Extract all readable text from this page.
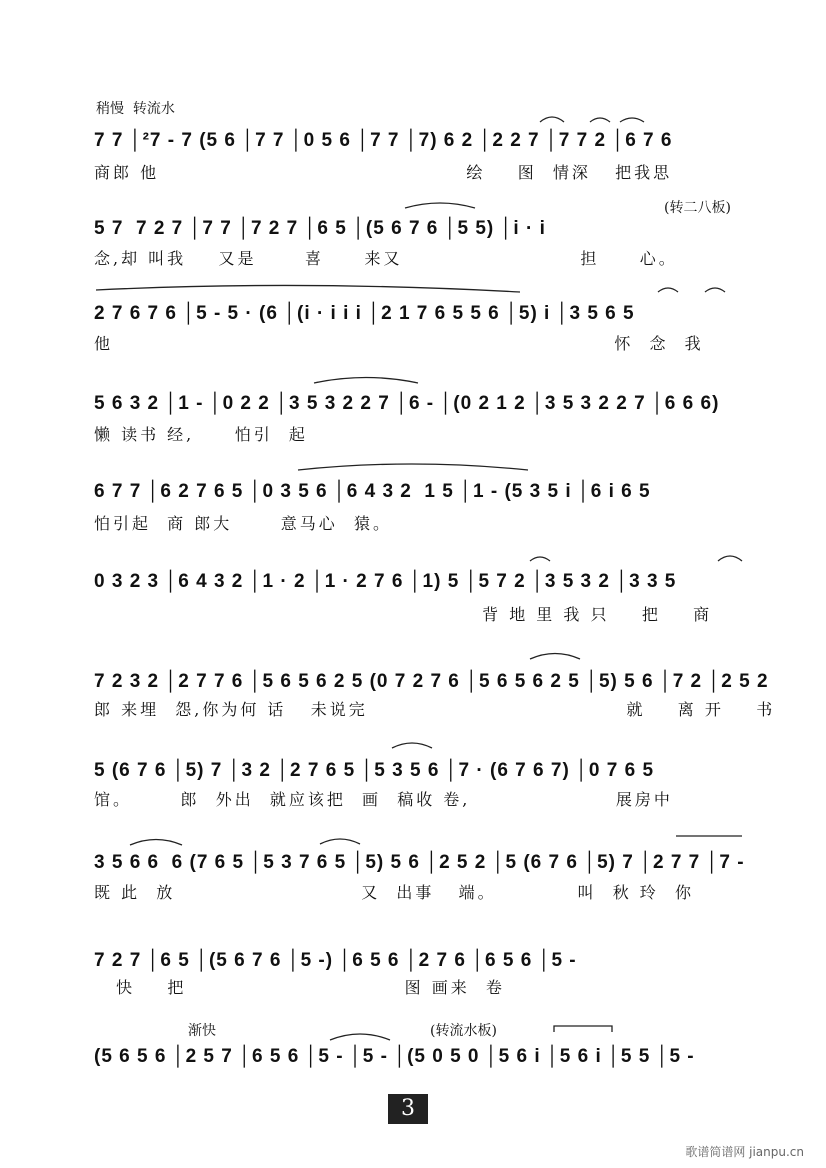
稍慢  转流水
(转二八板)
渐快	(转流水板)
7 7 │²7 - 7 (5 6 │7 7 │0 5 6 │7 7 │7) 6 2 │2 2 7 │7 7 2 │6 7 6
商郎 他                                      绘    图  情深   把我思
5 7  7 2 7 │7 7 │7 2 7 │6 5 │(5 6 7 6 │5 5) │i · i
念,却 叫我    又是      喜     来又                      担     心。
2 7 6 7 6 │5 - 5 · (6 │(i · i i i │2 1 7 6 5 5 6 │5) i │3 5 6 5
他                                                              怀  念  我
5 6 3 2 │1 - │0 2 2 │3 5 3 2 2 7 │6 - │(0 2 1 2 │3 5 3 2 2 7 │6 6 6)
懒 读书 经,     怕引  起
6 7 7 │6 2 7 6 5 │0 3 5 6 │6 4 3 2  1 5 │1 - (5 3 5 i │6 i 6 5
怕引起  商 郎大      意马心  猿。
0 3 2 3 │6 4 3 2 │1 · 2 │1 · 2 7 6 │1) 5 │5 7 2 │3 5 3 2 │3 3 5
背 地 里 我 只    把    商
7 2 3 2 │2 7 7 6 │5 6 5 6 2 5 (0 7 2 7 6 │5 6 5 6 2 5 │5) 5 6 │7 2 │2 5 2
郎 来埋  怨,你为何 话   未说完                                就    离 开    书
5 (6 7 6 │5) 7 │3 2 │2 7 6 5 │5 3 5 6 │7 · (6 7 6 7) │0 7 6 5
馆。      郎  外出  就应该把  画  稿收 卷,                  展房中
3 5 6 6  6 (7 6 5 │5 3 7 6 5 │5) 5 6 │2 5 2 │5 (6 7 6 │5) 7 │2 7 7 │7 -
既 此  放                       又  出事   端。          叫  秋 玲  你
7 2 7 │6 5 │(5 6 7 6 │5 -) │6 5 6 │2 7 6 │6 5 6 │5 -
快    把                           图 画来  卷
(5 6 5 6 │2 5 7 │6 5 6 │5 - │5 - │(5 0 5 0 │5 6 i │5 6 i │5 5 │5 -
3
歌谱简谱网 jianpu.cn
